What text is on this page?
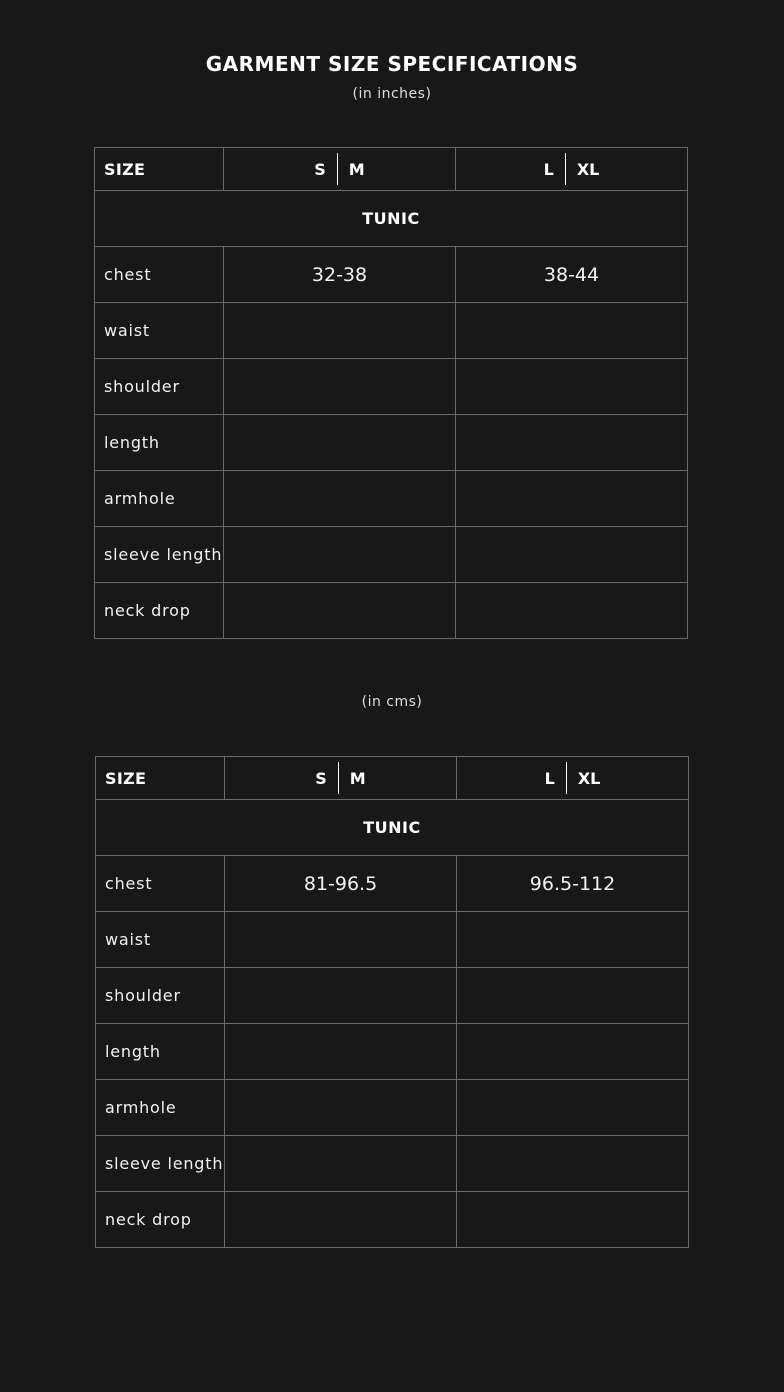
GARMENT SIZE SPECIFICATIONS
(in inches)
SIZE	S M	L XL

TUNIC		
chest	32-38	38-44
waist		
shoulder		
length		
armhole		
sleeve length		
neck drop		
(in cms)
SIZE	S M	L XL

TUNIC		
chest	81-96.5	96.5-112
waist		
shoulder		
length		
armhole		
sleeve length		
neck drop		
